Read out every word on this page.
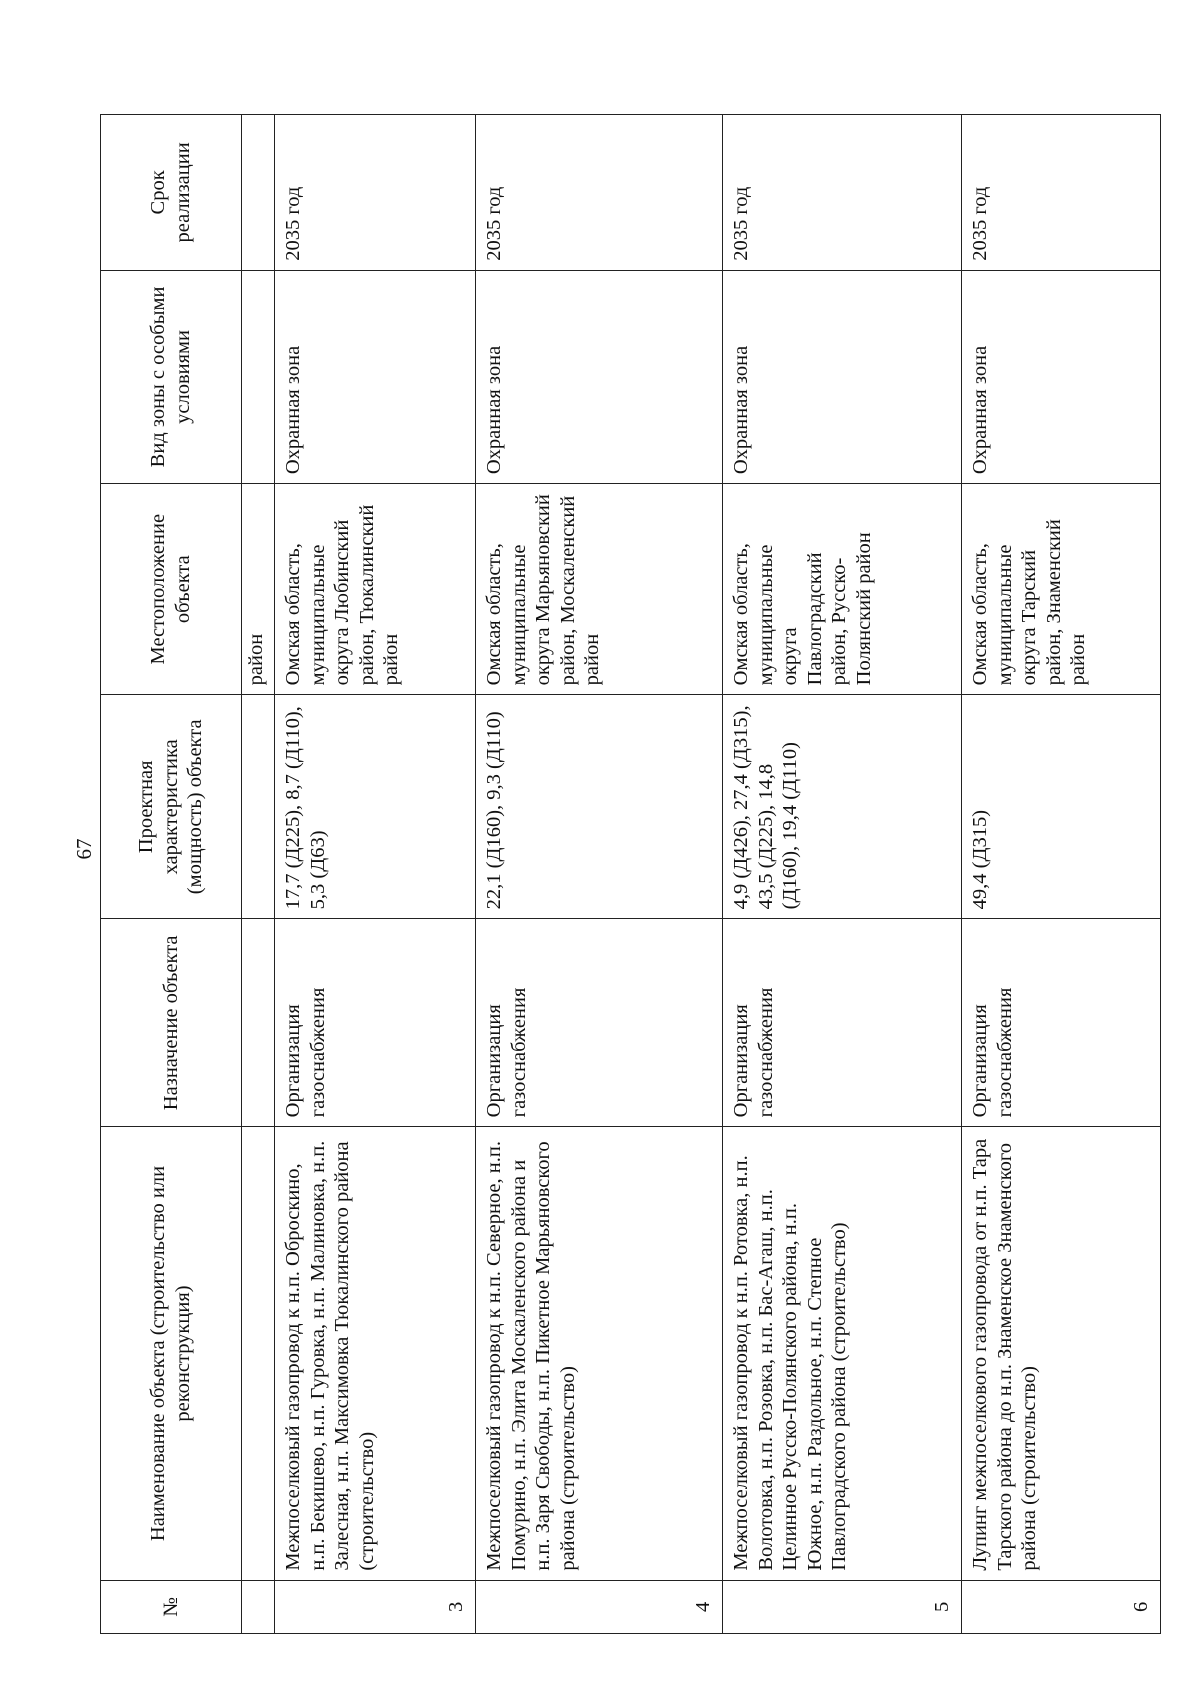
67
№	Наименование объекта (строительство или реконструкция)	Назначение объекта	Проектная характеристика (мощность) объекта	Местоположение объекта	Вид зоны с особыми условиями	Срок реализации
				район		
3	Межпоселковый газопровод к н.п. Оброскино, н.п. Бекишево, н.п. Гуровка, н.п. Малиновка, н.п. Залесная, н.п. Максимовка Тюкалинского района (строительство)	Организация газоснабжения	17,7 (Д225), 8,7 (Д110), 5,3 (Д63)	Омская область, муниципальные округа Любинский район, Тюкалинский район	Охранная зона	2035 год
4	Межпоселковый газопровод к н.п. Северное, н.п. Помурино, н.п. Элита Москаленского района и н.п. Заря Свободы, н.п. Пикетное Марьяновского района (строительство)	Организация газоснабжения	22,1 (Д160), 9,3 (Д110)	Омская область, муниципальные округа Марьяновский район, Москаленский район	Охранная зона	2035 год
5	Межпоселковый газопровод к н.п. Ротовка, н.п. Волотовка, н.п. Розовка, н.п. Бас-Агаш, н.п. Целинное Русско-Полянского района, н.п. Южное, н.п. Раздольное, н.п. Степное Павлоградского района (строительство)	Организация газоснабжения	4,9 (Д426), 27,4 (Д315), 43,5 (Д225), 14,8 (Д160), 19,4 (Д110)	Омская область, муниципальные округа Павлоградский район, Русско-Полянский район	Охранная зона	2035 год
6	Лупинг межпоселкового газопровода от н.п. Тара Тарского района до н.п. Знаменское Знаменского района (строительство)	Организация газоснабжения	49,4 (Д315)	Омская область, муниципальные округа Тарский район, Знаменский район	Охранная зона	2035 год
